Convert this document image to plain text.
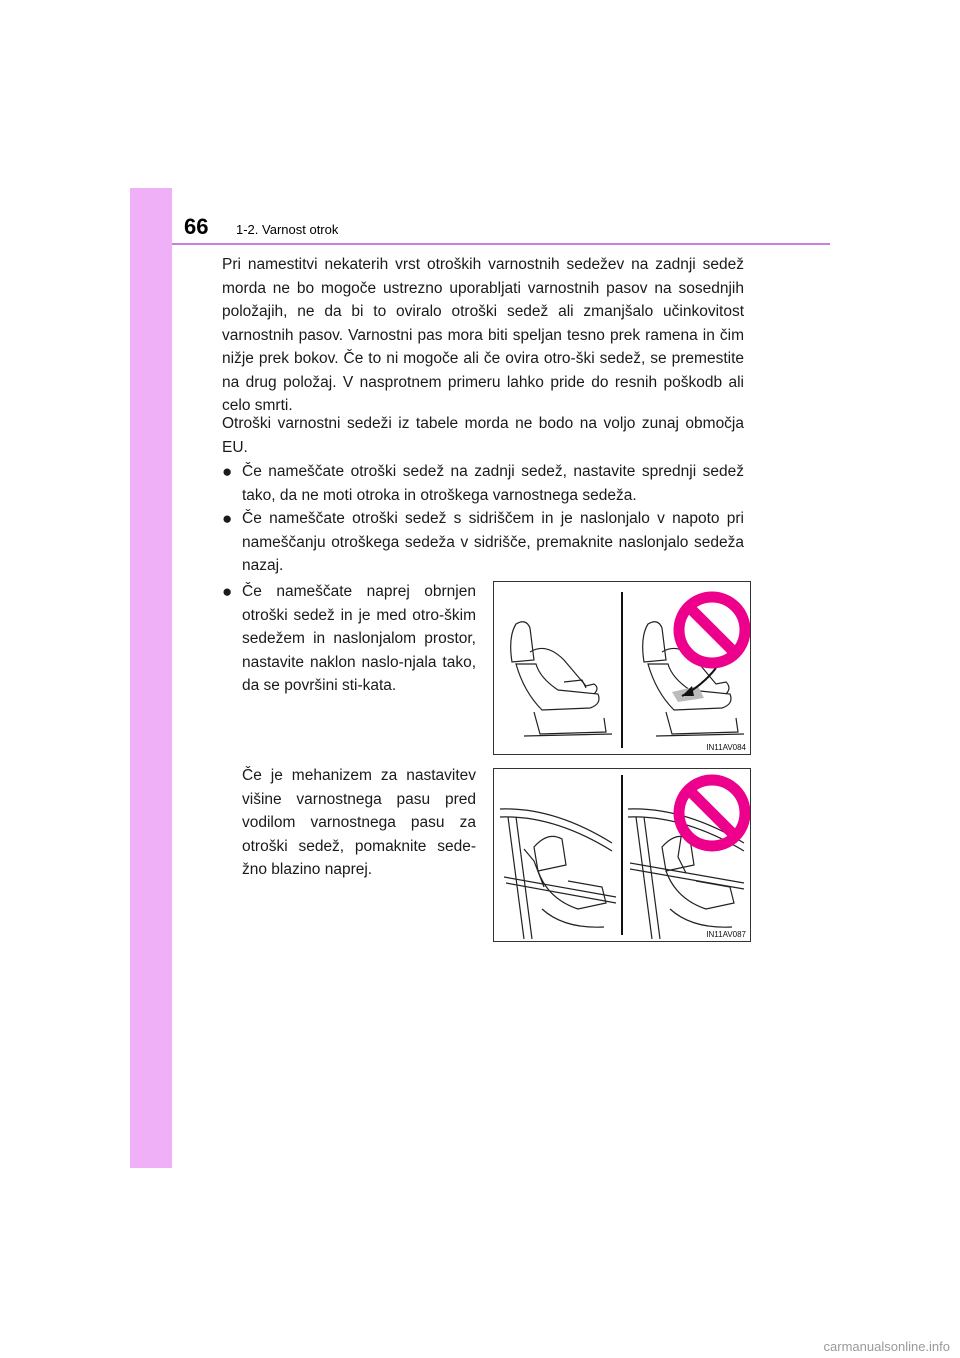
66 1-2. Varnost otrok
Pri namestitvi nekaterih vrst otroških varnostnih sedežev na zadnji sedež morda ne bo mogoče ustrezno uporabljati varnostnih pasov na sosednjih položajih, ne da bi to oviralo otroški sedež ali zmanjšalo učinkovitost varnostnih pasov. Varnostni pas mora biti speljan tesno prek ramena in čim nižje prek bokov. Če to ni mogoče ali če ovira otro-ški sedež, se premestite na drug položaj. V nasprotnem primeru lahko pride do resnih poškodb ali celo smrti.
Otroški varnostni sedeži iz tabele morda ne bodo na voljo zunaj območja EU.
● Če nameščate otroški sedež na zadnji sedež, nastavite sprednji sedež tako, da ne moti otroka in otroškega varnostnega sedeža.
● Če nameščate otroški sedež s sidriščem in je naslonjalo v napoto pri nameščanju otroškega sedeža v sidrišče, premaknite naslonjalo sedeža nazaj.
● Če nameščate naprej obrnjen otroški sedež in je med otro-škim sedežem in naslonjalom prostor, nastavite naklon naslo-njala tako, da se površini sti-kata.
Če je mehanizem za nastavitev višine varnostnega pasu pred vodilom varnostnega pasu za otroški sedež, pomaknite sede-žno blazino naprej.
IN11AV084
IN11AV087
carmanualsonline.info
